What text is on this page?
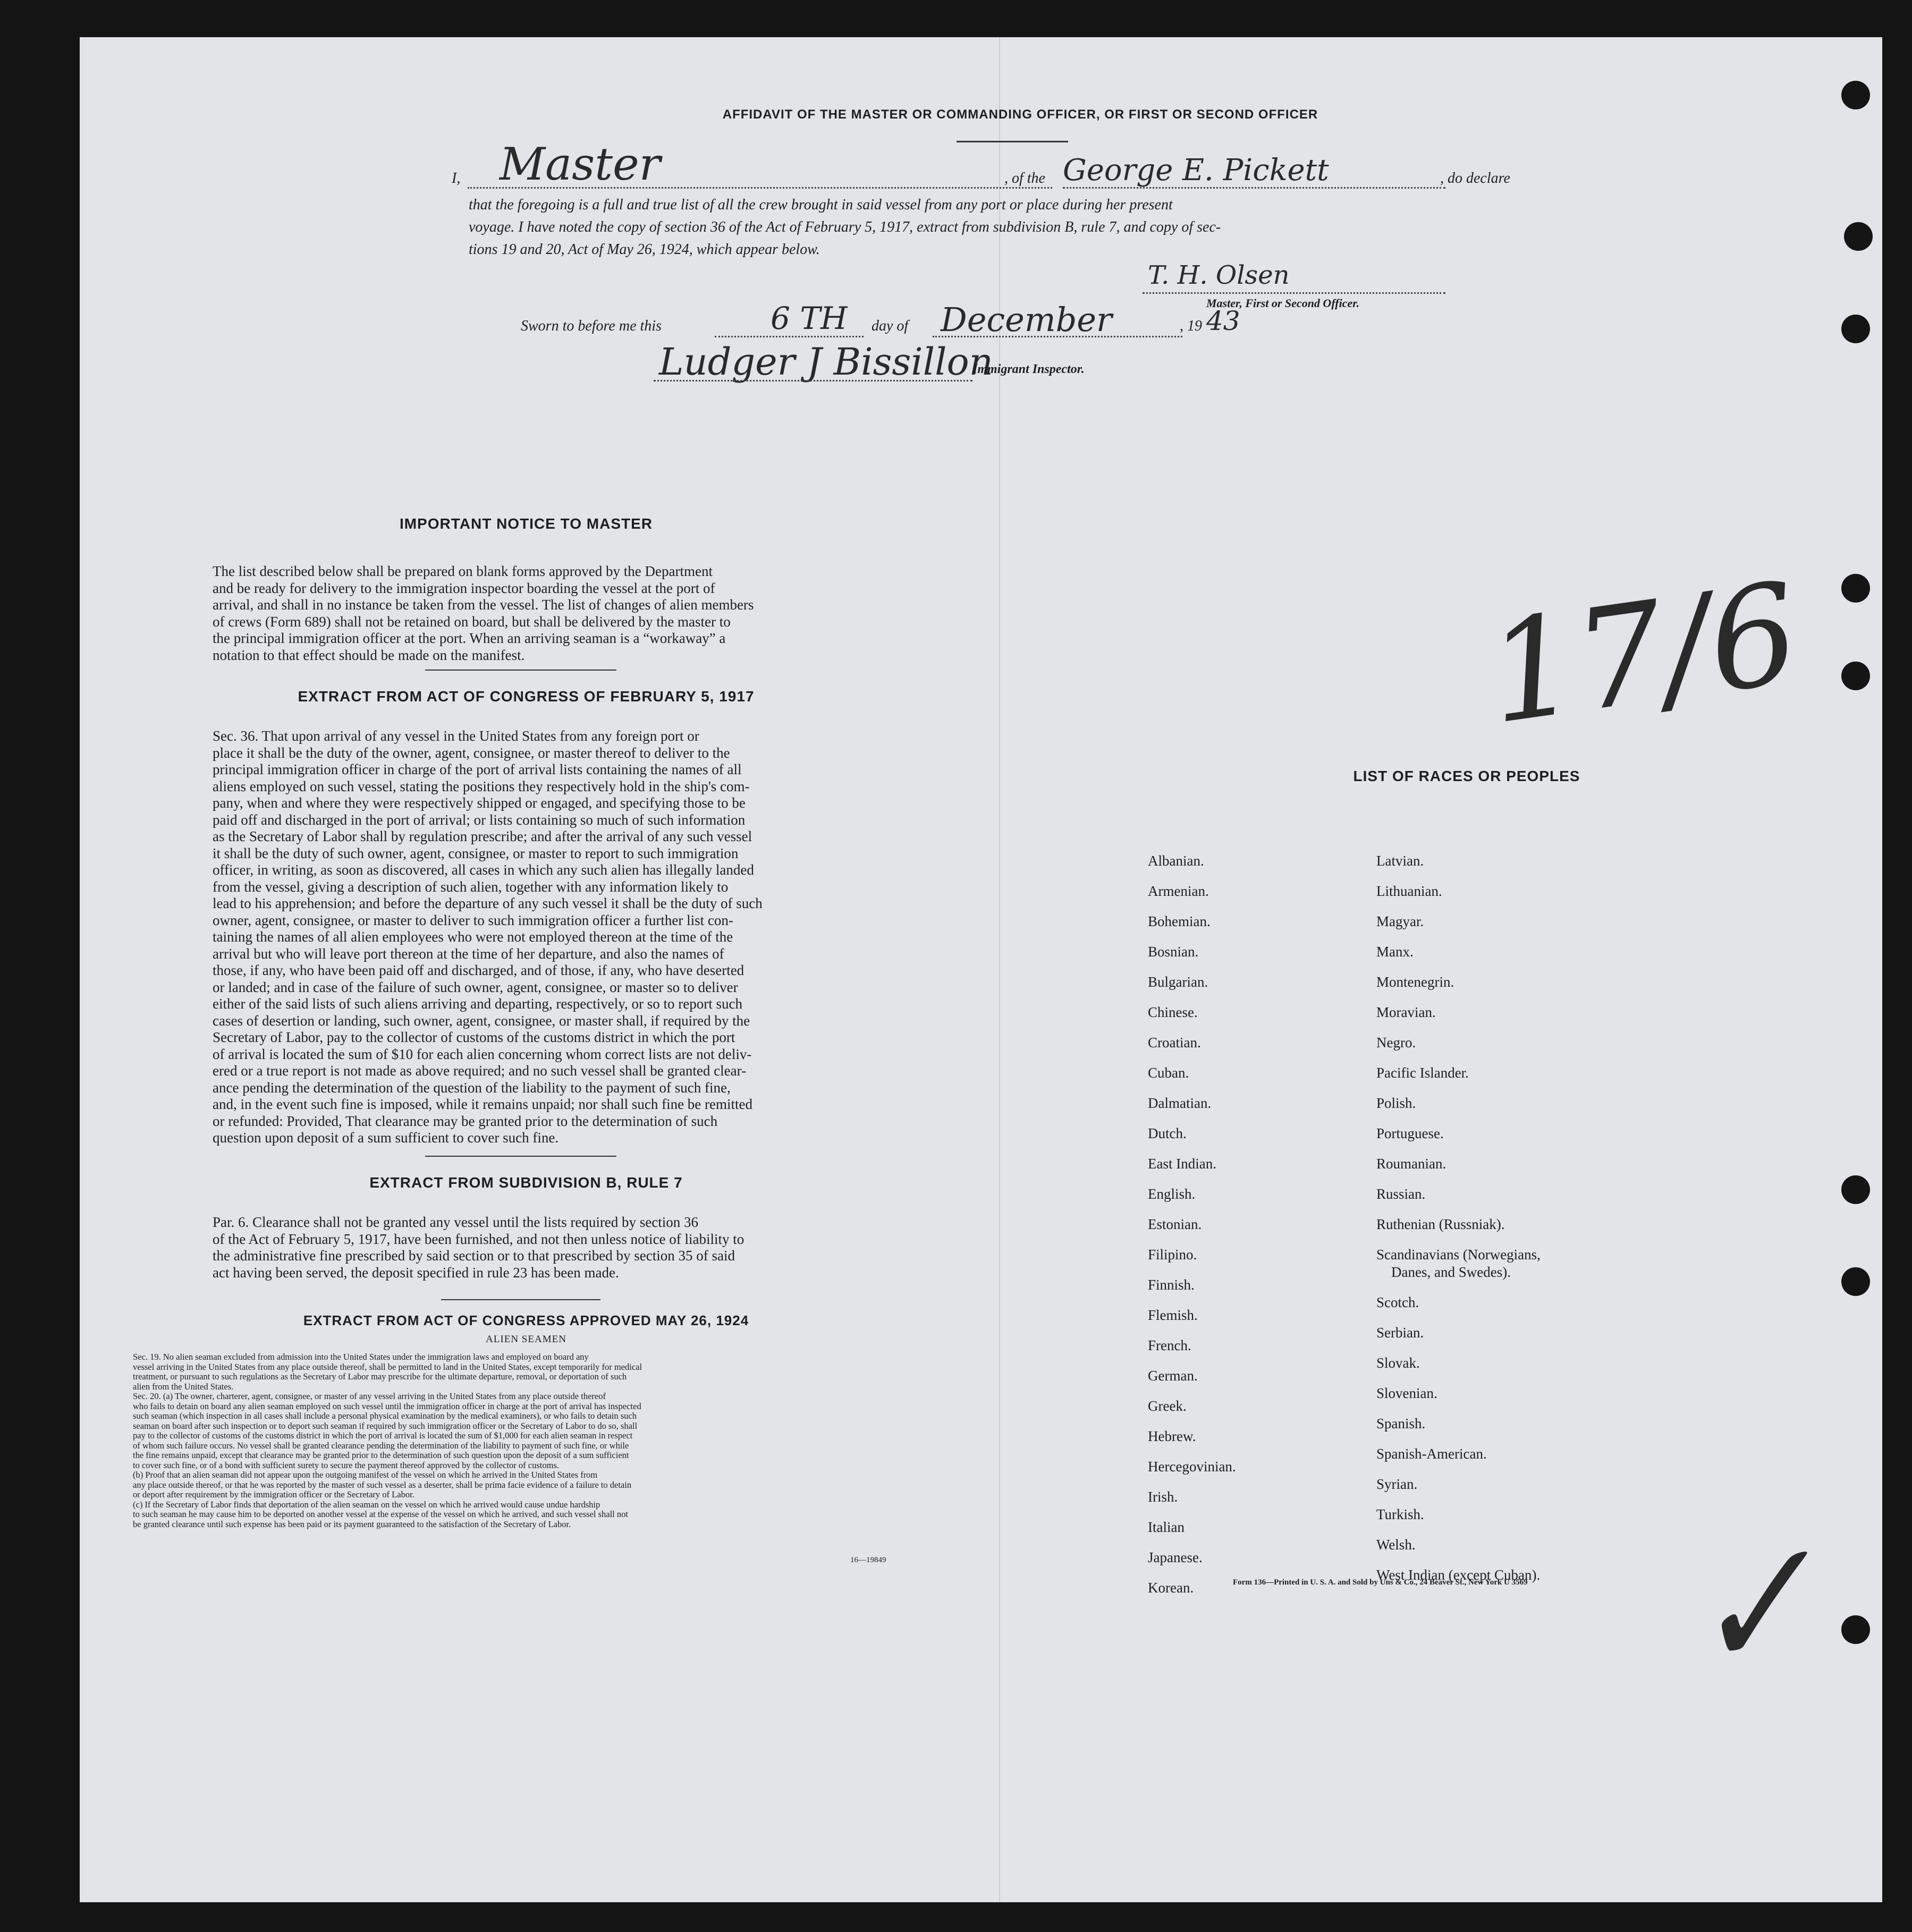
AFFIDAVIT OF THE MASTER OR COMMANDING OFFICER, OR FIRST OR SECOND OFFICER
I, Master	, of the George E. Pickett	, do declare
that the foregoing is a full and true list of all the crew brought in said vessel from any port or place during her present
voyage. I have noted the copy of section 36 of the Act of February 5, 1917, extract from subdivision B, rule 7, and copy of sec-
tions 19 and 20, Act of May 26, 1924, which appear below.
T. H. Olsen
Master, First or Second Officer.
Sworn to before me this	6 TH day of December	, 19 43
Ludger J Bissillon
Immigrant Inspector.
IMPORTANT NOTICE TO MASTER
The list described below shall be prepared on blank forms approved by the Department
and be ready for delivery to the immigration inspector boarding the vessel at the port of
arrival, and shall in no instance be taken from the vessel. The list of changes of alien members
of crews (Form 689) shall not be retained on board, but shall be delivered by the master to
the principal immigration officer at the port. When an arriving seaman is a “workaway” a
notation to that effect should be made on the manifest.
EXTRACT FROM ACT OF CONGRESS OF FEBRUARY 5, 1917
Sec. 36. That upon arrival of any vessel in the United States from any foreign port or
place it shall be the duty of the owner, agent, consignee, or master thereof to deliver to the
principal immigration officer in charge of the port of arrival lists containing the names of all
aliens employed on such vessel, stating the positions they respectively hold in the ship's com-
pany, when and where they were respectively shipped or engaged, and specifying those to be
paid off and discharged in the port of arrival; or lists containing so much of such information
as the Secretary of Labor shall by regulation prescribe; and after the arrival of any such vessel
it shall be the duty of such owner, agent, consignee, or master to report to such immigration
officer, in writing, as soon as discovered, all cases in which any such alien has illegally landed
from the vessel, giving a description of such alien, together with any information likely to
lead to his apprehension; and before the departure of any such vessel it shall be the duty of such
owner, agent, consignee, or master to deliver to such immigration officer a further list con-
taining the names of all alien employees who were not employed thereon at the time of the
arrival but who will leave port thereon at the time of her departure, and also the names of
those, if any, who have been paid off and discharged, and of those, if any, who have deserted
or landed; and in case of the failure of such owner, agent, consignee, or master so to deliver
either of the said lists of such aliens arriving and departing, respectively, or so to report such
cases of desertion or landing, such owner, agent, consignee, or master shall, if required by the
Secretary of Labor, pay to the collector of customs of the customs district in which the port
of arrival is located the sum of $10 for each alien concerning whom correct lists are not deliv-
ered or a true report is not made as above required; and no such vessel shall be granted clear-
ance pending the determination of the question of the liability to the payment of such fine,
and, in the event such fine is imposed, while it remains unpaid; nor shall such fine be remitted
or refunded: Provided, That clearance may be granted prior to the determination of such
question upon deposit of a sum sufficient to cover such fine.
EXTRACT FROM SUBDIVISION B, RULE 7
Par. 6. Clearance shall not be granted any vessel until the lists required by section 36
of the Act of February 5, 1917, have been furnished, and not then unless notice of liability to
the administrative fine prescribed by said section or to that prescribed by section 35 of said
act having been served, the deposit specified in rule 23 has been made.
EXTRACT FROM ACT OF CONGRESS APPROVED MAY 26, 1924
ALIEN SEAMEN
Sec. 19. No alien seaman excluded from admission into the United States under the immigration laws and employed on board any
vessel arriving in the United States from any place outside thereof, shall be permitted to land in the United States, except temporarily for medical
treatment, or pursuant to such regulations as the Secretary of Labor may prescribe for the ultimate departure, removal, or deportation of such
alien from the United States.
Sec. 20. (a) The owner, charterer, agent, consignee, or master of any vessel arriving in the United States from any place outside thereof
who fails to detain on board any alien seaman employed on such vessel until the immigration officer in charge at the port of arrival has inspected
such seaman (which inspection in all cases shall include a personal physical examination by the medical examiners), or who fails to detain such
seaman on board after such inspection or to deport such seaman if required by such immigration officer or the Secretary of Labor to do so, shall
pay to the collector of customs of the customs district in which the port of arrival is located the sum of $1,000 for each alien seaman in respect
of whom such failure occurs. No vessel shall be granted clearance pending the determination of the liability to payment of such fine, or while
the fine remains unpaid, except that clearance may be granted prior to the determination of such question upon the deposit of a sum sufficient
to cover such fine, or of a bond with sufficient surety to secure the payment thereof approved by the collector of customs.
(b) Proof that an alien seaman did not appear upon the outgoing manifest of the vessel on which he arrived in the United States from
any place outside thereof, or that he was reported by the master of such vessel as a deserter, shall be prima facie evidence of a failure to detain
or deport after requirement by the immigration officer or the Secretary of Labor.
(c) If the Secretary of Labor finds that deportation of the alien seaman on the vessel on which he arrived would cause undue hardship
to such seaman he may cause him to be deported on another vessel at the expense of the vessel on which he arrived, and such vessel shall not
be granted clearance until such expense has been paid or its payment guaranteed to the satisfaction of the Secretary of Labor.
16—19849
17/6
✓
LIST OF RACES OR PEOPLES
Form 136—Printed in U. S. A. and Sold by Uns & Co., 24 Beaver St., New York U 3569
Albanian.
Armenian.
Bohemian.
Bosnian.
Bulgarian.
Chinese.
Croatian.
Cuban.
Dalmatian.
Dutch.
East Indian.
English.
Estonian.
Filipino.
Finnish.
Flemish.
French.
German.
Greek.
Hebrew.
Hercegovinian.
Irish.
Italian
Japanese.
Korean.
Latvian.
Lithuanian.
Magyar.
Manx.
Montenegrin.
Moravian.
Negro.
Pacific Islander.
Polish.
Portuguese.
Roumanian.
Russian.
Ruthenian (Russniak).
Scandinavians (Norwegians,
Danes, and Swedes).
Scotch.
Serbian.
Slovak.
Slovenian.
Spanish.
Spanish-American.
Syrian.
Turkish.
Welsh.
West Indian (except Cuban).
